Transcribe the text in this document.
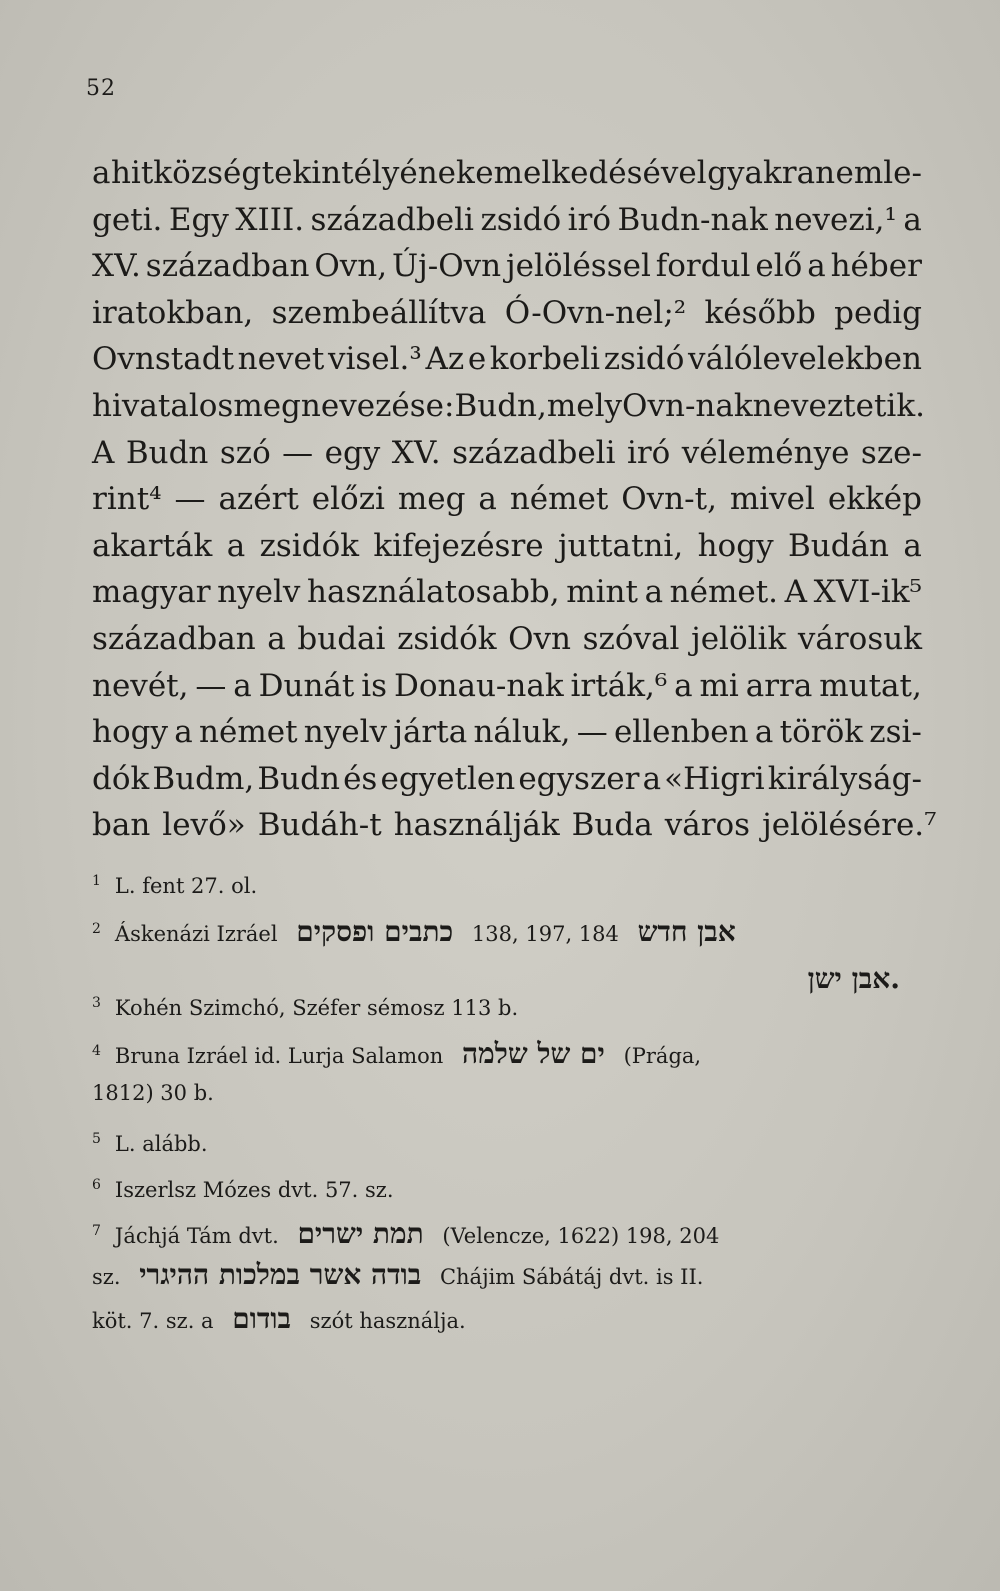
52
a hitközség tekintélyének emelkedésével gyakran emle-
geti. Egy XIII. századbeli zsidó iró Budn-nak nevezi,¹ a
XV. században Ovn, Új-Ovn jelöléssel fordul elő a héber
iratokban, szembeállítva Ó-Ovn-nel;² később pedig
Ovnstadt nevet visel.³ Az e korbeli zsidó válólevelekben
hivatalos megnevezése: Budn, mely Ovn-nak neveztetik.
A Budn szó — egy XV. századbeli iró véleménye sze-
rint⁴ — azért előzi meg a német Ovn-t, mivel ekkép
akarták a zsidók kifejezésre juttatni, hogy Budán a
magyar nyelv használatosabb, mint a német. A XVI-ik⁵
században a budai zsidók Ovn szóval jelölik városuk
nevét, — a Dunát is Donau-nak irták,⁶ a mi arra mutat,
hogy a német nyelv járta náluk, — ellenben a török zsi-
dók Budm, Budn és egyetlen egyszer a «Higri királyság-
ban levő» Budáh-t használják Buda város jelölésére.⁷
$^1$ L. fent 27. ol.
$^2$ Áskenázi Izráel כתבים ופסקים 138, 197, 184 אבן חדש
.אבן ישן
$^3$ Kohén Szimchó, Széfer sémosz 113 b.
$^4$ Bruna Izráel id. Lurja Salamon ים של שלמה (Prága,
1812) 30 b.
$^5$ L. alább.
$^6$ Iszerlsz Mózes dvt. 57. sz.
$^7$ Jáchjá Tám dvt. תמת ישרים (Velencze, 1622) 198, 204
sz. בודה אשר במלכות ההיגרי Chájim Sábátáj dvt. is II.
köt. 7. sz. a בודום szót használja.
